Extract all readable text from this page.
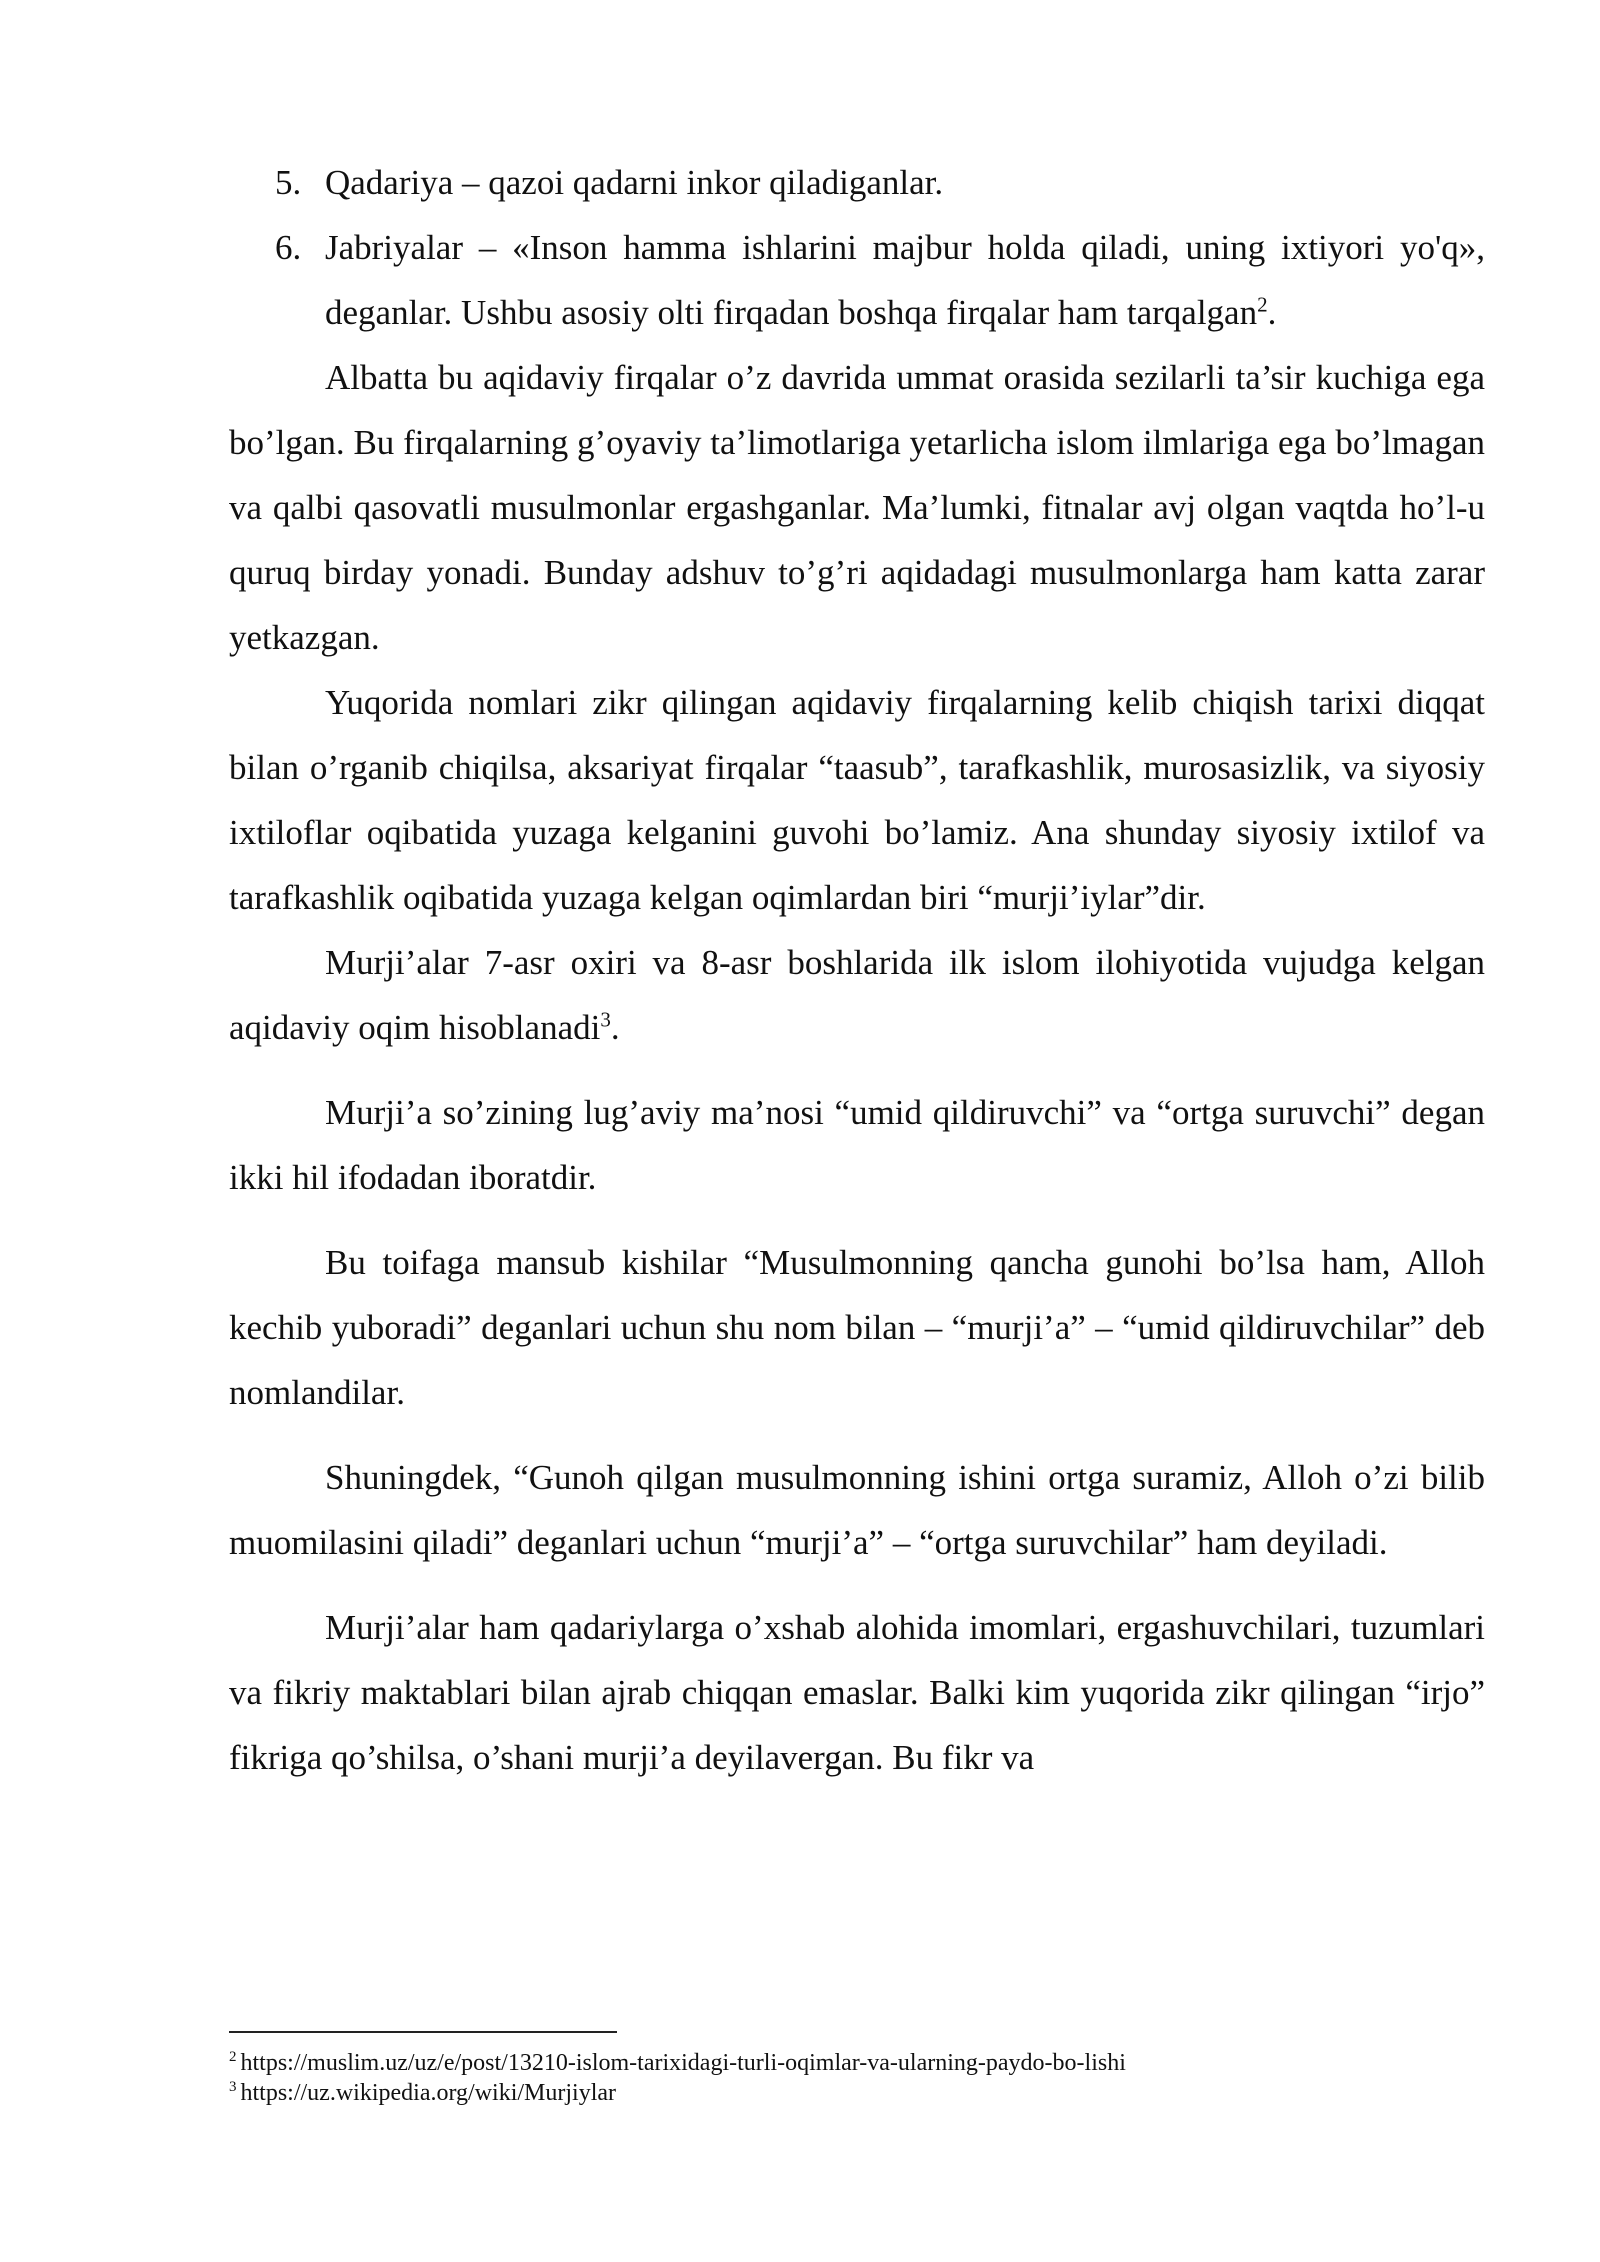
5. Qadariya – qazoi qadarni inkor qiladiganlar.
6. Jabriyalar – «Inson hamma ishlarini majbur holda qiladi, uning ixtiyori yo'q», deganlar. Ushbu asosiy olti firqadan boshqa firqalar ham tarqalgan$^2$.

Albatta bu aqidaviy firqalar o’z davrida ummat orasida sezilarli ta’sir kuchiga ega bo’lgan. Bu firqalarning g’oyaviy ta’limotlariga yetarlicha islom ilmlariga ega bo’lmagan va qalbi qasovatli musulmonlar ergashganlar. Ma’lumki, fitnalar avj olgan vaqtda ho’l-u quruq birday yonadi. Bunday adshuv to’g’ri aqidadagi musulmonlarga ham katta zarar yetkazgan.

Yuqorida nomlari zikr qilingan aqidaviy firqalarning kelib chiqish tarixi diqqat bilan o’rganib chiqilsa, aksariyat firqalar “taasub”, tarafkashlik, murosasizlik, va siyosiy ixtiloflar oqibatida yuzaga kelganini guvohi bo’lamiz. Ana shunday siyosiy ixtilof va tarafkashlik oqibatida yuzaga kelgan oqimlardan biri “murji’iylar”dir.

Murji’alar 7-asr oxiri va 8-asr boshlarida ilk islom ilohiyotida vujudga kelgan aqidaviy oqim hisoblanadi$^3$.

Murji’a so’zining lug’aviy ma’nosi “umid qildiruvchi” va “ortga suruvchi” degan ikki hil ifodadan iboratdir.

Bu toifaga mansub kishilar “Musulmonning qancha gunohi bo’lsa ham, Alloh kechib yuboradi” deganlari uchun shu nom bilan – “murji’a” – “umid qildiruvchilar” deb nomlandilar.

Shuningdek, “Gunoh qilgan musulmonning ishini ortga suramiz, Alloh o’zi bilib muomilasini qiladi” deganlari uchun “murji’a” – “ortga suruvchilar” ham deyiladi.

Murji’alar ham qadariylarga o’xshab alohida imomlari, ergashuvchilari, tuzumlari va fikriy maktablari bilan ajrab chiqqan emaslar. Balki kim yuqorida zikr qilingan “irjo” fikriga qo’shilsa, o’shani murji’a deyilavergan. Bu fikr va

$^2$ https://muslim.uz/uz/e/post/13210-islom-tarixidagi-turli-oqimlar-va-ularning-paydo-bo-lishi

$^3$ https://uz.wikipedia.org/wiki/Murjiylar
